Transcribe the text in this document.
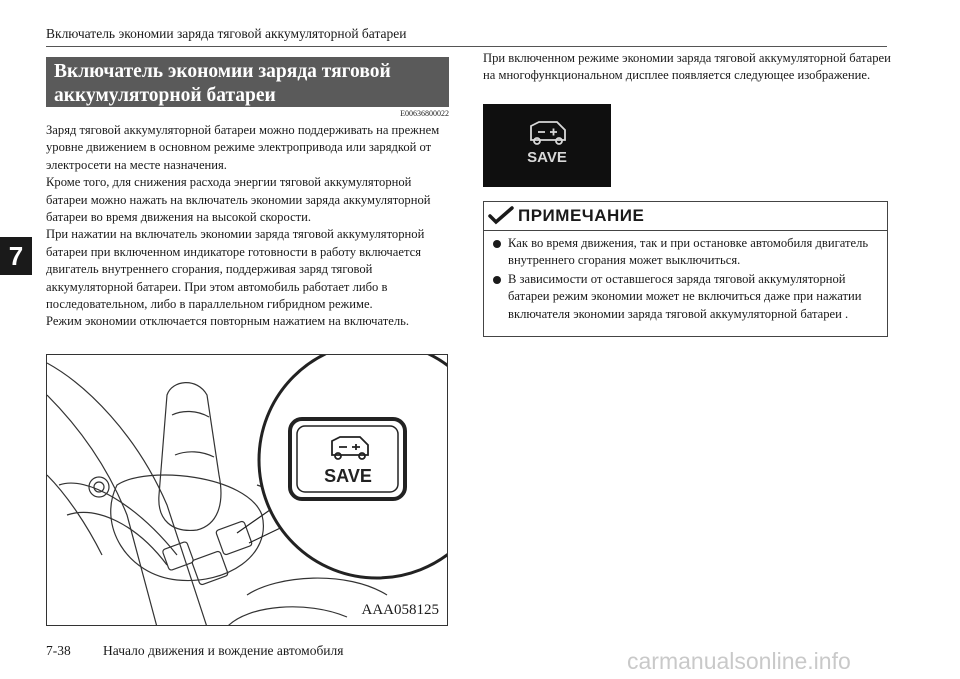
Включатель экономии заряда тяговой аккумуляторной батареи
7
Включатель экономии заряда тяговой аккумуляторной батареи
E00636800022

Заряд тяговой аккумуляторной батареи можно поддерживать на прежнем уровне движением в основном режиме электропривода или зарядкой от электросети на месте назначения.

Кроме того, для снижения расхода энергии тяговой аккумуляторной батареи можно нажать на включатель экономии заряда аккумуляторной батареи во время движения на высокой скорости.

При нажатии на включатель экономии заряда тяговой аккумуляторной батареи при включенном индикаторе готовности в работу включается двигатель внутреннего сгорания, поддерживая заряд тяговой аккумуляторной батареи. При этом автомобиль работает либо в последовательном, либо в параллельном гибридном режиме.

Режим экономии отключается повторным нажатием на включатель.

SAVE
AAA058125
При включенном режиме экономии заряда тяговой аккумуляторной батареи на многофункциональном дисплее появляется следующее изображение.
SAVE
ПРИМЕЧАНИЕ
Как во время движения, так и при остановке автомобиля двигатель внутреннего сгорания может выключиться.
В зависимости от оставшегося заряда тяговой аккумуляторной батареи режим экономии может не включиться даже при нажатии включателя экономии заряда тяговой аккумуляторной батареи .
7-38 Начало движения и вождение автомобиля	carmanualsonline.info
